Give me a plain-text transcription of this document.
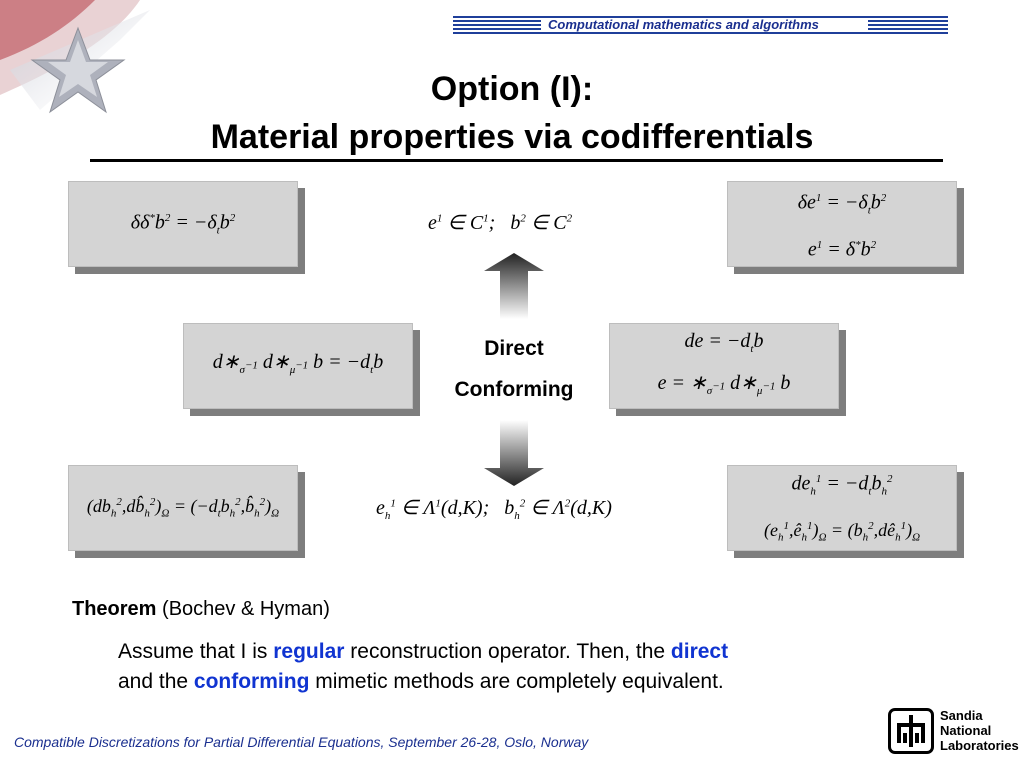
Computational mathematics and algorithms
Option (I):
Material properties via codifferentials
$\delta\delta^*b^2 = -\delta_tb^2$	$e^1$ ∈ $C^1$;   $b^2$ ∈ $C^2$
$\delta e^1 = -\delta_tb^2$
$e^1 = \delta^*b^2$
$d∗_{\sigma^{-1}}$ $d∗_{\mu^{-1}}$ $b = -d_tb$
Direct
Conforming
de = $-d_tb$
$e = ∗_{\sigma^{-1}}$ $d∗_{\mu^{-1}}$ b
$(db_h^2,db̂_h^2)_\Omega$ = $(-d_tb_h^2,b̂_h^2)_\Omega$	$e_h^1$ ∈ $\Lambda^1(d,K)$;   $b_h^2$ ∈ $\Lambda^2(d,K)$
$de_h^1 = -d_tb_h^2$
$(e_h^1,ê_h^1)_\Omega$ = $(b_h^2,dê_h^1)_\Omega$
Theorem (Bochev & Hyman)
Assume that I is regular reconstruction operator. Then, the direct
and the conforming mimetic methods are completely equivalent.
Compatible Discretizations for Partial Differential Equations, September 26-28, Oslo, Norway
Sandia
National
Laboratories
